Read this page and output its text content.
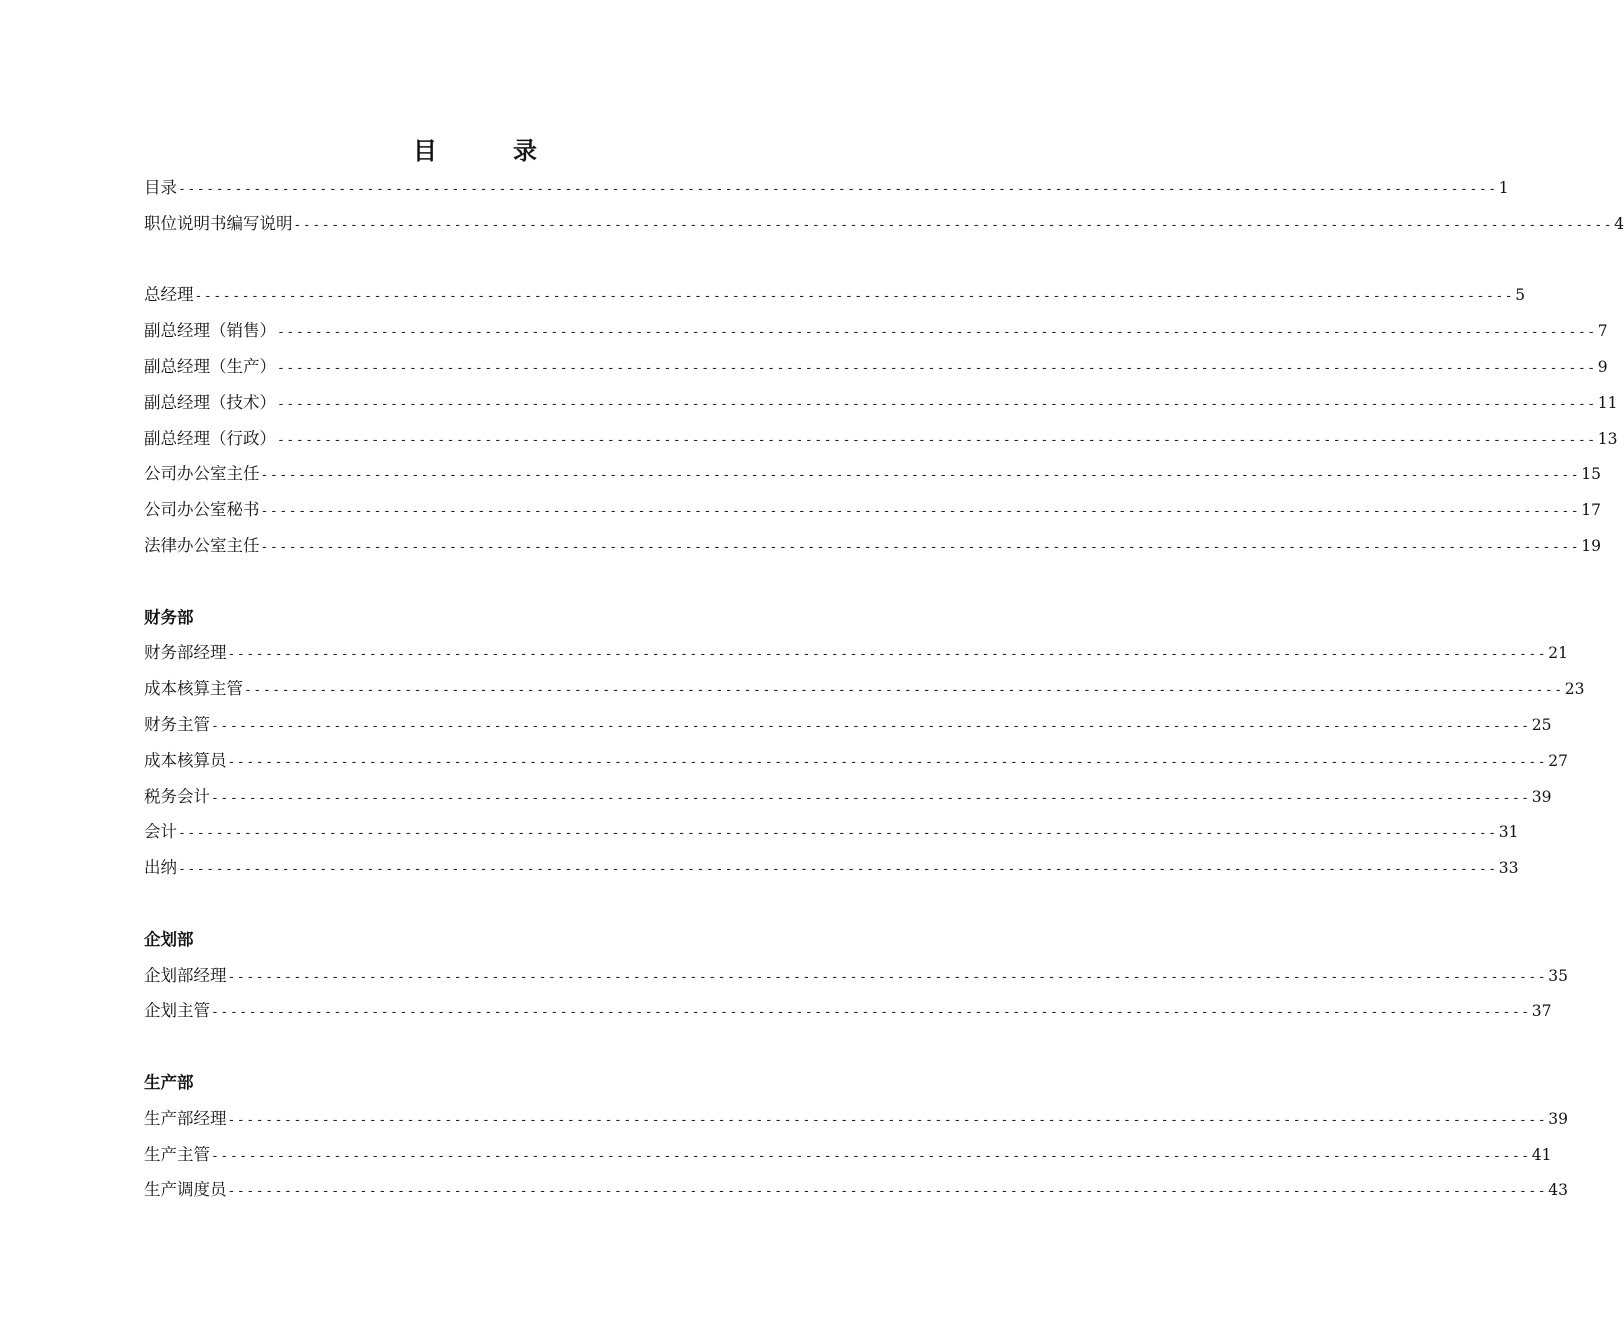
目	录
目录 -------------------------------------------------------------------------------------------------------------------------------------------- 1
职位说明书编写说明 -------------------------------------------------------------------------------------------------------------------------------------------- 4
总经理 -------------------------------------------------------------------------------------------------------------------------------------------- 5
副总经理（销售） -------------------------------------------------------------------------------------------------------------------------------------------- 7
副总经理（生产） -------------------------------------------------------------------------------------------------------------------------------------------- 9
副总经理（技术） -------------------------------------------------------------------------------------------------------------------------------------------- 11
副总经理（行政） -------------------------------------------------------------------------------------------------------------------------------------------- 13
公司办公室主任 -------------------------------------------------------------------------------------------------------------------------------------------- 15
公司办公室秘书 -------------------------------------------------------------------------------------------------------------------------------------------- 17
法律办公室主任 -------------------------------------------------------------------------------------------------------------------------------------------- 19
财务部
财务部经理 -------------------------------------------------------------------------------------------------------------------------------------------- 21
成本核算主管 -------------------------------------------------------------------------------------------------------------------------------------------- 23
财务主管 -------------------------------------------------------------------------------------------------------------------------------------------- 25
成本核算员 -------------------------------------------------------------------------------------------------------------------------------------------- 27
税务会计 -------------------------------------------------------------------------------------------------------------------------------------------- 39
会计 -------------------------------------------------------------------------------------------------------------------------------------------- 31
出纳 -------------------------------------------------------------------------------------------------------------------------------------------- 33
企划部
企划部经理 -------------------------------------------------------------------------------------------------------------------------------------------- 35
企划主管 -------------------------------------------------------------------------------------------------------------------------------------------- 37
生产部
生产部经理 -------------------------------------------------------------------------------------------------------------------------------------------- 39
生产主管 -------------------------------------------------------------------------------------------------------------------------------------------- 41
生产调度员 -------------------------------------------------------------------------------------------------------------------------------------------- 43
